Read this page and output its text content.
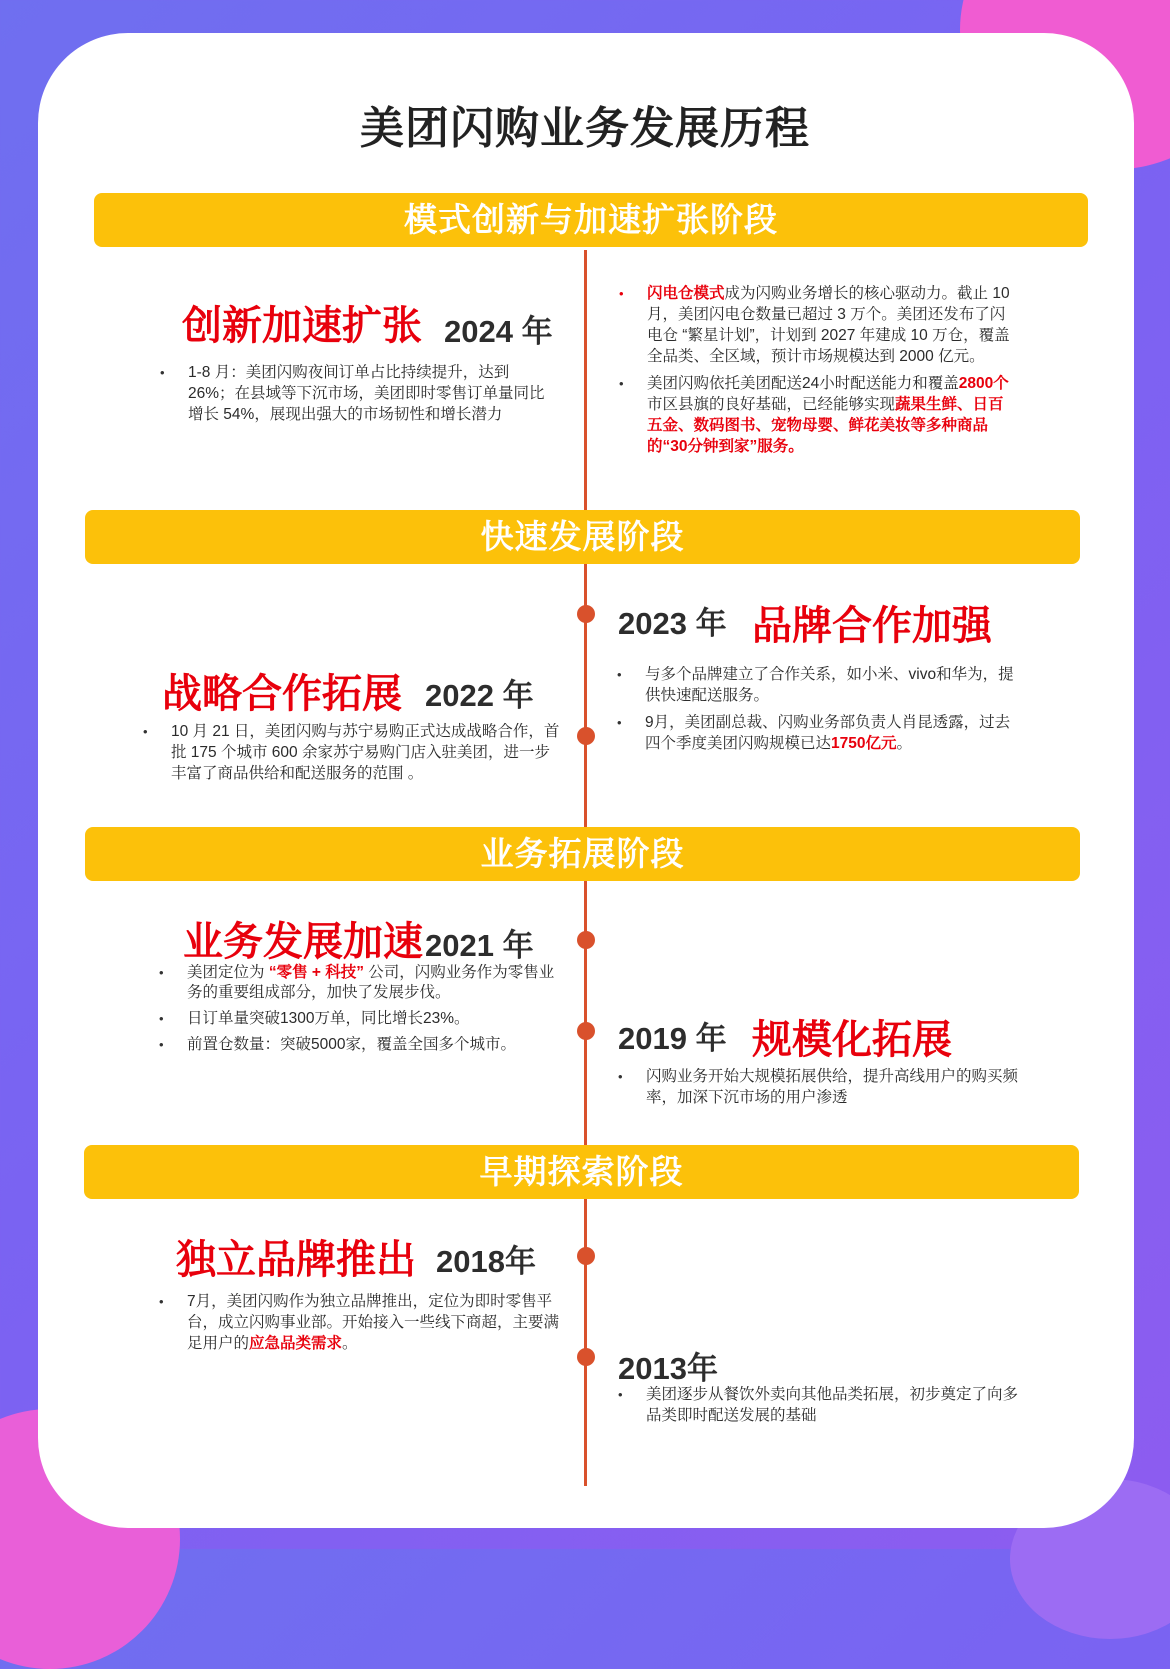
美团闪购业务发展历程
模式创新与加速扩张阶段
快速发展阶段
业务拓展阶段
早期探索阶段
创新加速扩张 2024 年
• 1-8 月：美团闪购夜间订单占比持续提升，达到 26%；在县域等下沉市场，美团即时零售订单量同比增长 54%，展现出强大的市场韧性和增长潜力
• 闪电仓模式成为闪购业务增长的核心驱动力。截止 10 月，美团闪电仓数量已超过 3 万个。美团还发布了闪电仓 “繁星计划”，计划到 2027 年建成 10 万仓，覆盖全品类、全区域，预计市场规模达到 2000 亿元。
• 美团闪购依托美团配送24小时配送能力和覆盖2800个市区县旗的良好基础，已经能够实现蔬果生鲜、日百五金、数码图书、宠物母婴、鲜花美妆等多种商品的“30分钟到家”服务。
2023 年 品牌合作加强
• 与多个品牌建立了合作关系，如小米、vivo和华为，提供快速配送服务。
• 9月，美团副总裁、闪购业务部负责人肖昆透露，过去四个季度美团闪购规模已达1750亿元。
战略合作拓展 2022 年
• 10 月 21 日，美团闪购与苏宁易购正式达成战略合作，首批 175 个城市 600 余家苏宁易购门店入驻美团，进一步丰富了商品供给和配送服务的范围 。
业务发展加速 2021 年
• 美团定位为 “零售 + 科技” 公司，闪购业务作为零售业务的重要组成部分，加快了发展步伐。
• 日订单量突破1300万单，同比增长23%。
• 前置仓数量：突破5000家，覆盖全国多个城市。	2019 年 规模化拓展
• 闪购业务开始大规模拓展供给，提升高线用户的购买频率，加深下沉市场的用户渗透
独立品牌推出 2018年
• 7月，美团闪购作为独立品牌推出，定位为即时零售平台，成立闪购事业部。开始接入一些线下商超，主要满足用户的应急品类需求。
2013年
• 美团逐步从餐饮外卖向其他品类拓展，初步奠定了向多品类即时配送发展的基础
